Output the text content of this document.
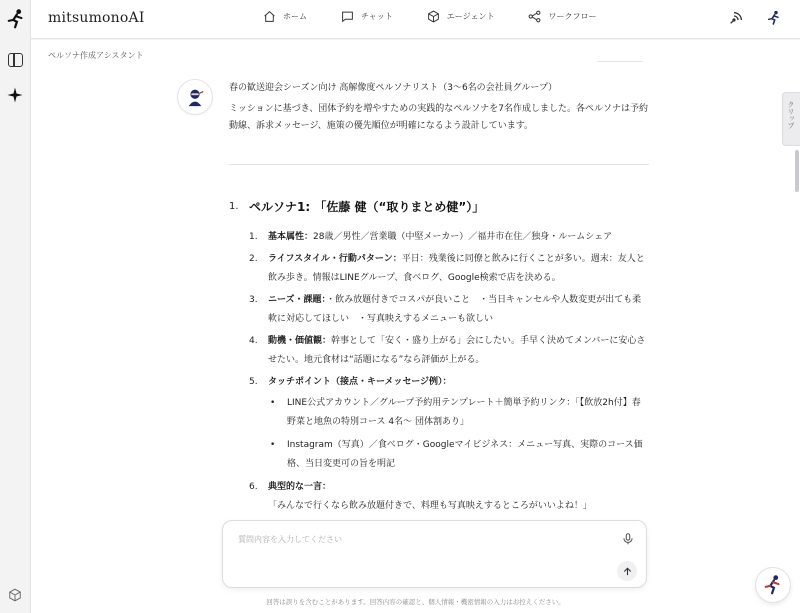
mitsumonoAI	ホーム	チャット	エージェント	ワークフロー
ペルソナ作成アシスタント
春の歓送迎会シーズン向け 高解像度ペルソナリスト（3〜6名の会社員グループ）
ミッションに基づき、団体予約を増やすための実践的なペルソナを7名作成しました。各ペルソナは予約動線、訴求メッセージ、施策の優先順位が明確になるよう設計しています。
1. ペルソナ1: 「佐藤 健（“取りまとめ健”）」
1.	基本属性：28歳／男性／営業職（中堅メーカー）／福井市在住／独身・ルームシェア
2.	ライフスタイル・行動パターン：平日：残業後に同僚と飲みに行くことが多い。週末：友人と飲み歩き。情報はLINEグループ、食べログ、Google検索で店を決める。
3.	ニーズ・課題：・飲み放題付きでコスパが良いこと　・当日キャンセルや人数変更が出ても柔軟に対応してほしい　・写真映えするメニューも欲しい
4.	動機・価値観：幹事として「安く・盛り上がる」会にしたい。手早く決めてメンバーに安心させたい。地元食材は“話題になる”なら評価が上がる。
5.	タッチポイント（接点・キーメッセージ例）：
•	LINE公式アカウント／グループ予約用テンプレート＋簡単予約リンク：「【飲放2h付】春野菜と地魚の特別コース 4名〜 団体割あり」
•	Instagram（写真）／食べログ・Googleマイビジネス：メニュー写真、実際のコース価格、当日変更可の旨を明記
6.	典型的な一言：「みんなで行くなら飲み放題付きで、料理も写真映えするところがいいよね！」
クリップ
質問内容を入力してください
回答は誤りを含むことがあります。回答内容の確認と、個人情報・機密情報の入力はお控えください。
